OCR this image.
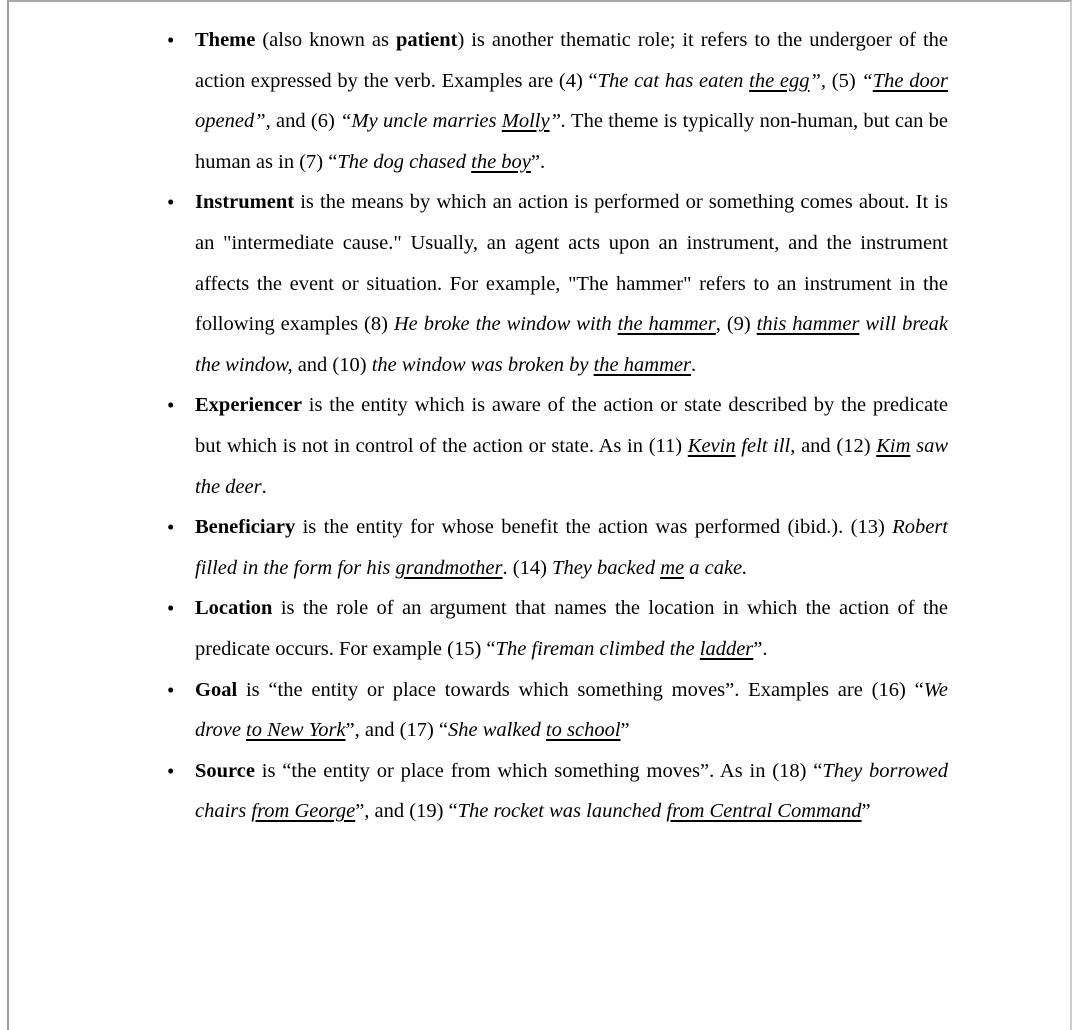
• Theme (also known as patient) is another thematic role; it refers to the undergoer of the action expressed by the verb. Examples are (4) “The cat has eaten the egg”, (5) “The door opened”, and (6) “My uncle marries Molly”. The theme is typically non-human, but can be human as in (7) “The dog chased the boy”.
• Instrument is the means by which an action is performed or something comes about. It is an "intermediate cause." Usually, an agent acts upon an instrument, and the instrument affects the event or situation. For example, "The hammer" refers to an instrument in the following examples (8) He broke the window with the hammer, (9) this hammer will break the window, and (10) the window was broken by the hammer.
• Experiencer is the entity which is aware of the action or state described by the predicate but which is not in control of the action or state. As in (11) Kevin felt ill, and (12) Kim saw the deer.
• Beneficiary is the entity for whose benefit the action was performed (ibid.). (13) Robert filled in the form for his grandmother. (14) They backed me a cake.
• Location is the role of an argument that names the location in which the action of the predicate occurs. For example (15) “The fireman climbed the ladder”.
• Goal is “the entity or place towards which something moves”. Examples are (16) “We drove to New York”, and (17) “She walked to school”
• Source is “the entity or place from which something moves”. As in (18) “They borrowed chairs from George”, and (19) “The rocket was launched from Central Command”
